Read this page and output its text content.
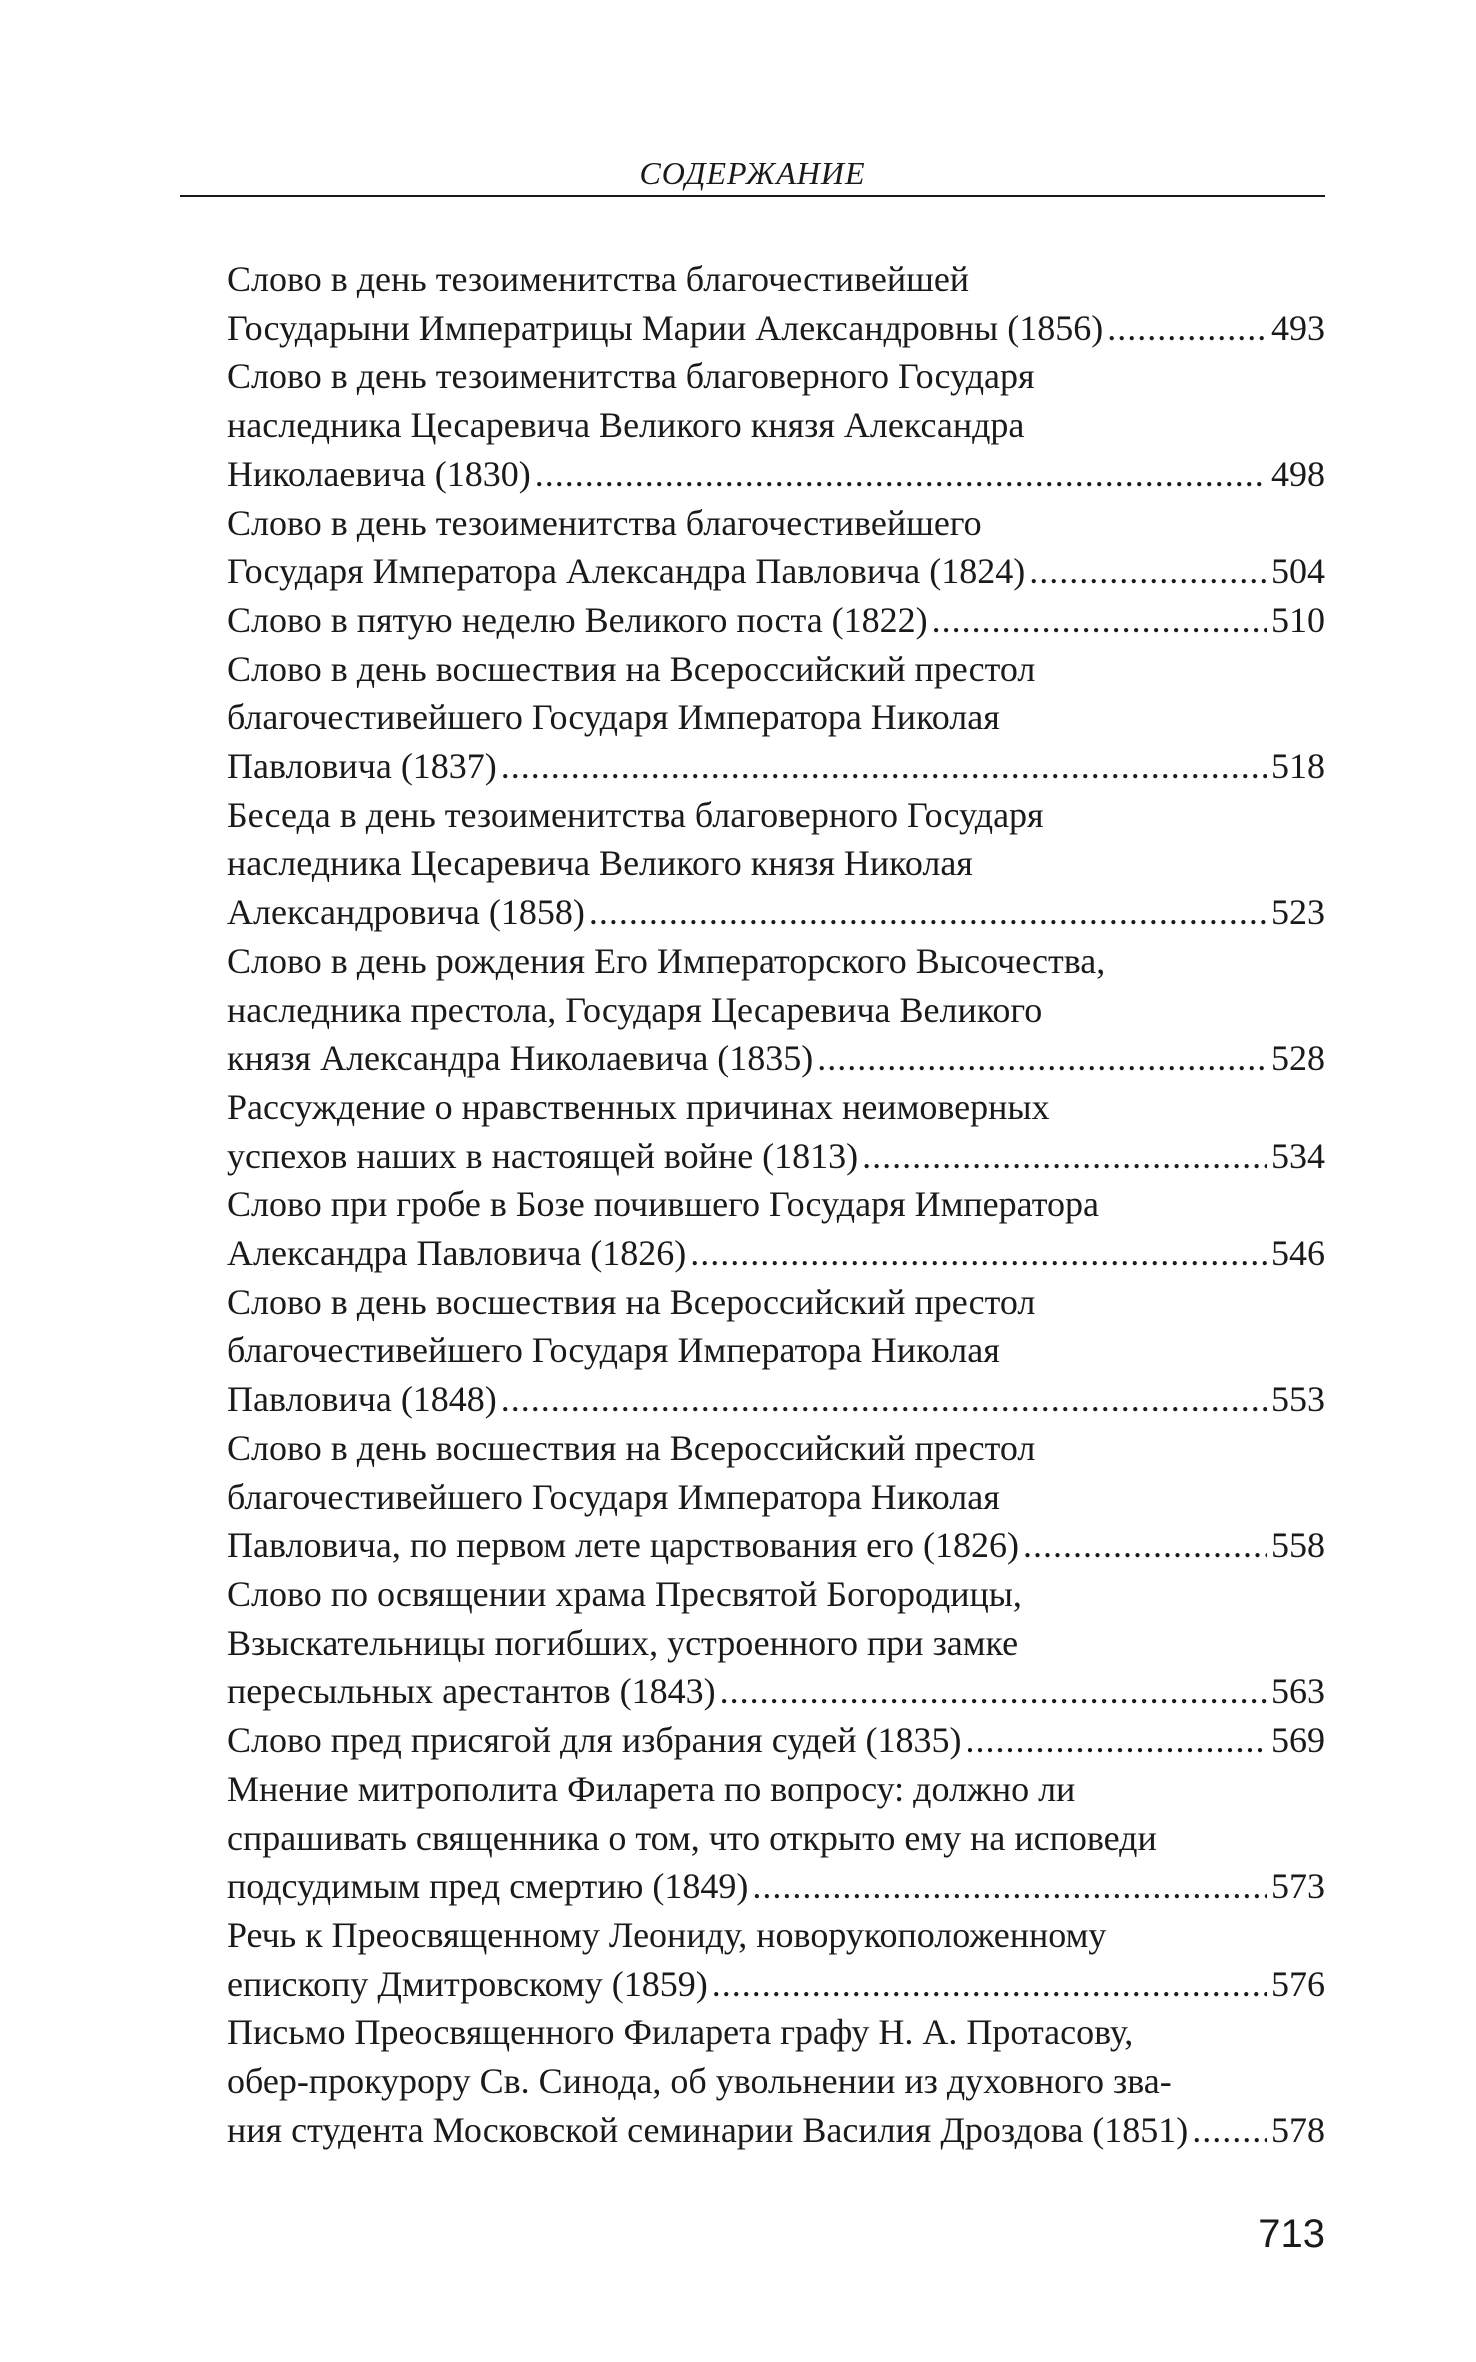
СОДЕРЖАНИЕ
Слово в день тезоименитства благочестивейшей
Государыни Императрицы Марии Александровны (1856) .....	493
Слово в день тезоименитства благоверного Государя
наследника Цесаревича Великого князя Александра
Николаевича (1830) .....	498
Слово в день тезоименитства благочестивейшего
Государя Императора Александра Павловича (1824) .....	504
Слово в пятую неделю Великого поста (1822) .....	510
Слово в день восшествия на Всероссийский престол
благочестивейшего Государя Императора Николая
Павловича (1837) .....	518
Беседа в день тезоименитства благоверного Государя
наследника Цесаревича Великого князя Николая
Александровича (1858) .....	523
Слово в день рождения Его Императорского Высочества,
наследника престола, Государя Цесаревича Великого
князя Александра Николаевича (1835) .....	528
Рассуждение о нравственных причинах неимоверных
успехов наших в настоящей войне (1813) .....	534
Слово при гробе в Бозе почившего Государя Императора
Александра Павловича (1826) .....	546
Слово в день восшествия на Всероссийский престол
благочестивейшего Государя Императора Николая
Павловича (1848) .....	553
Слово в день восшествия на Всероссийский престол
благочестивейшего Государя Императора Николая
Павловича, по первом лете царствования его (1826) .....	558
Слово по освящении храма Пресвятой Богородицы,
Взыскательницы погибших, устроенного при замке
пересыльных арестантов (1843) .....	563
Слово пред присягой для избрания судей (1835) .....	569
Мнение митрополита Филарета по вопросу: должно ли
спрашивать священника о том, что открыто ему на исповеди
подсудимым пред смертию (1849) .....	573
Речь к Преосвященному Леониду, новорукоположенному
епископу Дмитровскому (1859) .....	576
Письмо Преосвященного Филарета графу Н. А. Протасову,
обер-прокурору Св. Синода, об увольнении из духовного зва-
ния студента Московской семинарии Василия Дроздова (1851) ..... 578
713
